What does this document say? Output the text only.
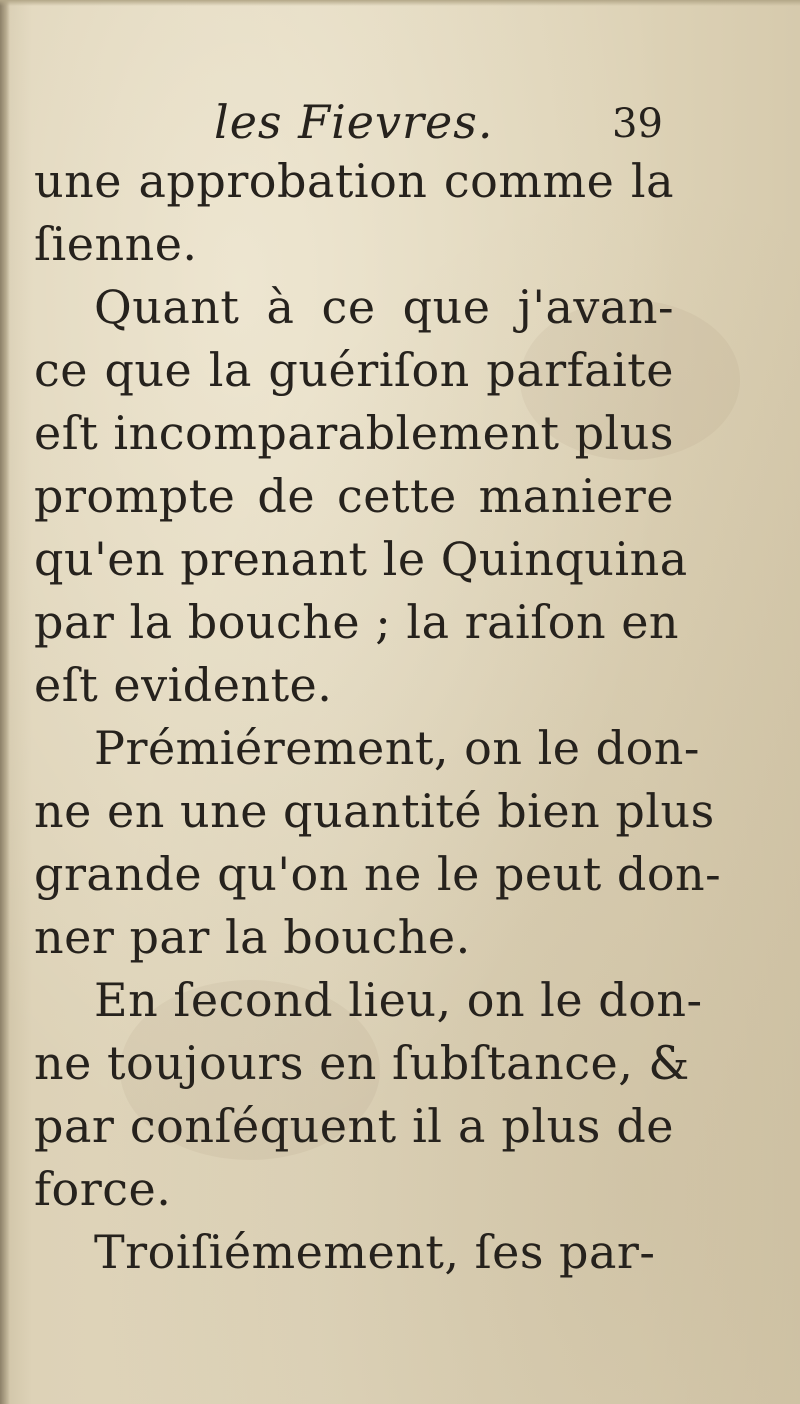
les Fievres.	39
une approbation comme la
ſienne.
Quant à ce que j'avan-
ce que la guériſon parfaite
eſt incomparablement plus
prompte de cette maniere
qu'en prenant le Quinquina
par la bouche ; la raiſon en
eſt evidente.
Prémiérement, on le don-
ne en une quantité bien plus
grande qu'on ne le peut don-
ner par la bouche.
En ſecond lieu, on le don-
ne toujours en ſubſtance, &
par conſéquent il a plus de
force.
Troiſiémement, ſes par-
